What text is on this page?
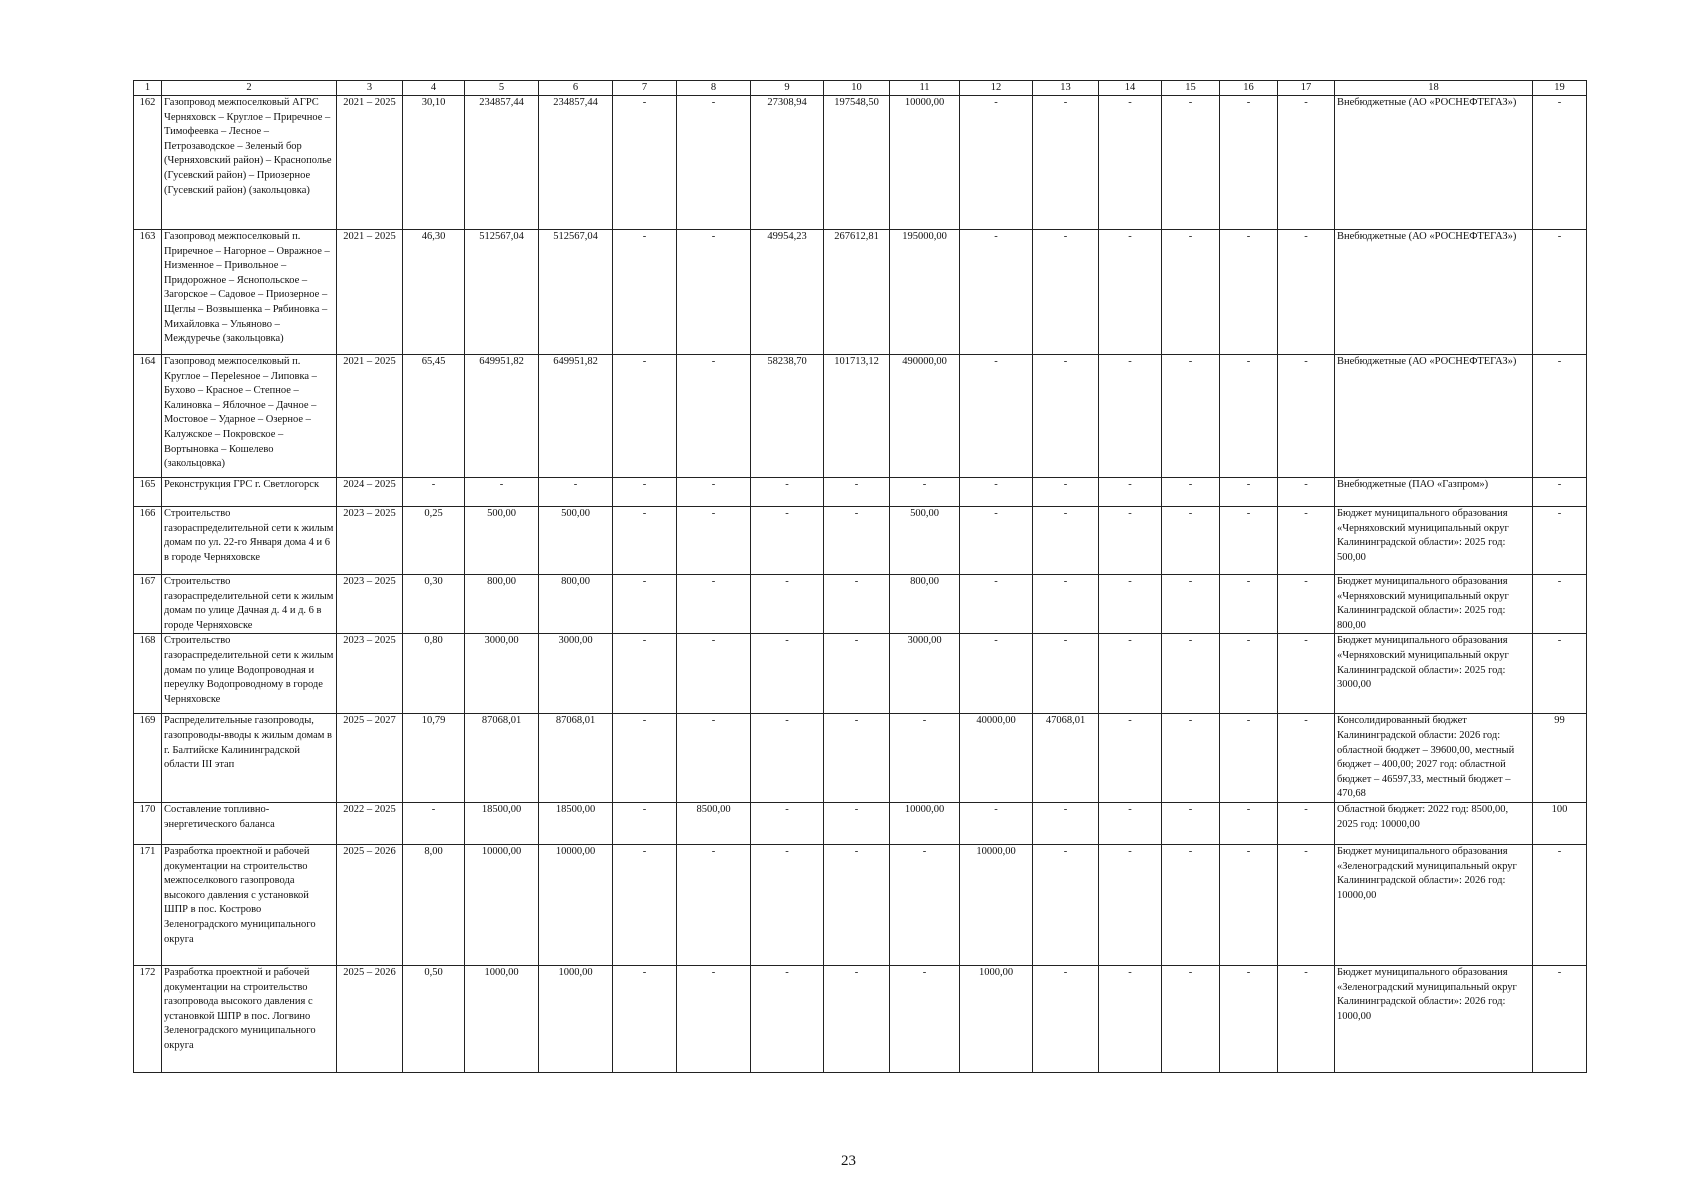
1	2	3	4	5	6	7	8	9	10	11	12	13	14	15	16	17	18	19
162	Газопровод межпоселковый АГРС Черняховск – Круглое – Приречное – Тимофеевка – Лесное – Петрозаводское – Зеленый бор (Черняховский район) – Краснополье (Гусевский район) – Приозерное (Гусевский район) (закольцовка)	2021 – 2025	30,10	234857,44	234857,44	-	-	27308,94	197548,50	10000,00	-	-	-	-	-	-	Внебюджетные (АО «РОСНЕФТЕГАЗ»)	-
163	Газопровод межпоселковый п. Приречное – Нагорное – Овражное – Низменное – Привольное – Придорожное – Яснопольское – Загорское – Садовое – Приозерное – Щеглы – Возвышенка – Рябиновка – Михайловка – Ульяново – Междуречье (закольцовка)	2021 – 2025	46,30	512567,04	512567,04	-	-	49954,23	267612,81	195000,00	-	-	-	-	-	-	Внебюджетные (АО «РОСНЕФТЕГАЗ»)	-
164	Газопровод межпоселковый п. Круглое – Переlesное – Липовка – Бухово – Красное – Степное – Калиновка – Яблочное – Дачное – Мостовое – Ударное – Озерное – Калужское – Покровское – Вортыновка – Кошелево (закольцовка)	2021 – 2025	65,45	649951,82	649951,82	-	-	58238,70	101713,12	490000,00	-	-	-	-	-	-	Внебюджетные (АО «РОСНЕФТЕГАЗ»)	-
165	Реконструкция ГРС г. Светлогорск	2024 – 2025	-	-	-	-	-	-	-	-	-	-	-	-	-	-	Внебюджетные (ПАО «Газпром»)	-
166	Строительство газораспределительной сети к жилым домам по ул. 22-го Января дома 4 и 6 в городе Черняховске	2023 – 2025	0,25	500,00	500,00	-	-	-	-	500,00	-	-	-	-	-	-	Бюджет муниципального образования «Черняховский муниципальный округ Калининградской области»: 2025 год: 500,00	-
167	Строительство газораспределительной сети к жилым домам по улице Дачная д. 4 и д. 6 в городе Черняховске	2023 – 2025	0,30	800,00	800,00	-	-	-	-	800,00	-	-	-	-	-	-	Бюджет муниципального образования «Черняховский муниципальный округ Калининградской области»: 2025 год: 800,00	-
168	Строительство газораспределительной сети к жилым домам по улице Водопроводная и переулку Водопроводному в городе Черняховске	2023 – 2025	0,80	3000,00	3000,00	-	-	-	-	3000,00	-	-	-	-	-	-	Бюджет муниципального образования «Черняховский муниципальный округ Калининградской области»: 2025 год: 3000,00	-
169	Распределительные газопроводы, газопроводы-вводы к жилым домам в г. Балтийске Калининградской области III этап	2025 – 2027	10,79	87068,01	87068,01	-	-	-	-	-	40000,00	47068,01	-	-	-	-	Консолидированный бюджет Калининградской области: 2026 год: областной бюджет – 39600,00, местный бюджет – 400,00; 2027 год: областной бюджет – 46597,33, местный бюджет – 470,68	99
170	Составление топливно-энергетического баланса	2022 – 2025	-	18500,00	18500,00	-	8500,00	-	-	10000,00	-	-	-	-	-	-	Областной бюджет: 2022 год: 8500,00, 2025 год: 10000,00	100
171	Разработка проектной и рабочей документации на строительство межпоселкового газопровода высокого давления с установкой ШПР в пос. Кострово Зеленоградского муниципального округа	2025 – 2026	8,00	10000,00	10000,00	-	-	-	-	-	10000,00	-	-	-	-	-	Бюджет муниципального образования «Зеленоградский муниципальный округ Калининградской области»: 2026 год: 10000,00	-
172	Разработка проектной и рабочей документации на строительство газопровода высокого давления с установкой ШПР в пос. Логвино Зеленоградского муниципального округа	2025 – 2026	0,50	1000,00	1000,00	-	-	-	-	-	1000,00	-	-	-	-	-	Бюджет муниципального образования «Зеленоградский муниципальный округ Калининградской области»: 2026 год: 1000,00	-
23
